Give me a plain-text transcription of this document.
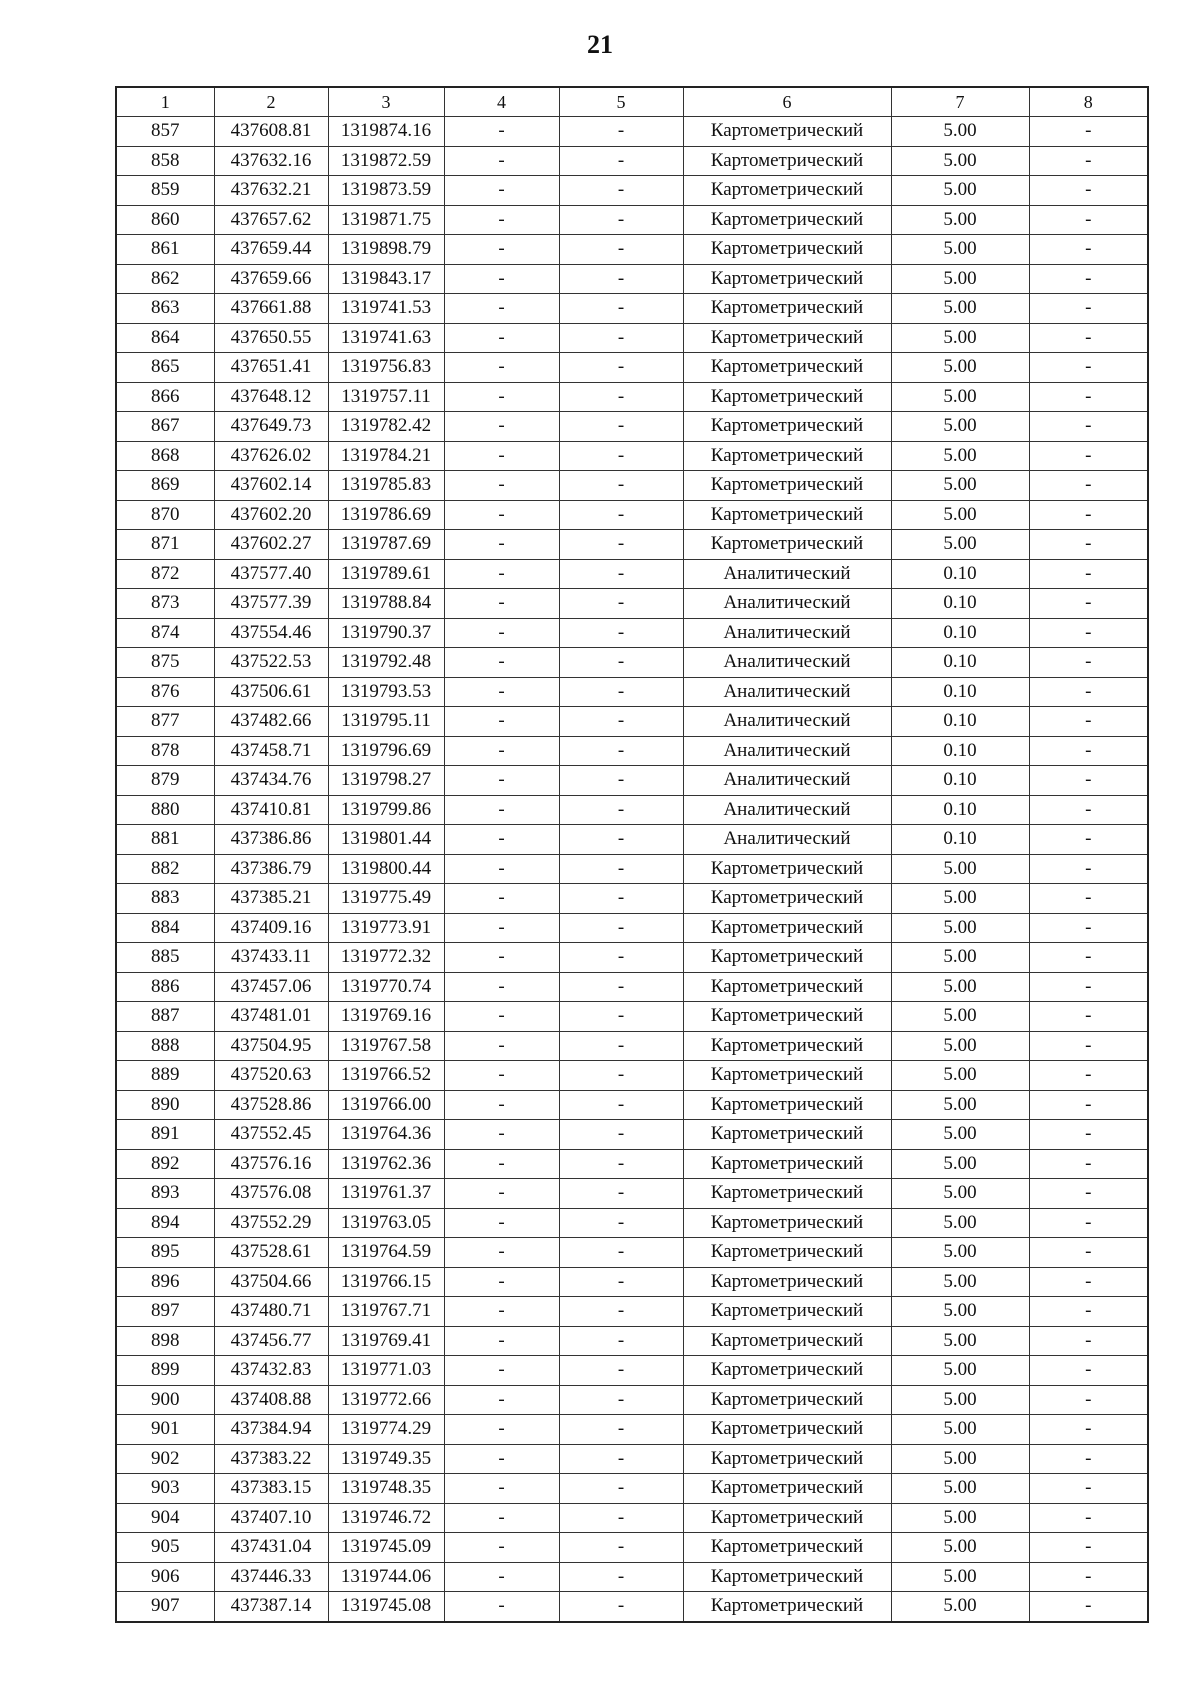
21
1	2	3	4	5	6	7	8
857	437608.81	1319874.16	-	-	Картометрический	5.00	-
858	437632.16	1319872.59	-	-	Картометрический	5.00	-
859	437632.21	1319873.59	-	-	Картометрический	5.00	-
860	437657.62	1319871.75	-	-	Картометрический	5.00	-
861	437659.44	1319898.79	-	-	Картометрический	5.00	-
862	437659.66	1319843.17	-	-	Картометрический	5.00	-
863	437661.88	1319741.53	-	-	Картометрический	5.00	-
864	437650.55	1319741.63	-	-	Картометрический	5.00	-
865	437651.41	1319756.83	-	-	Картометрический	5.00	-
866	437648.12	1319757.11	-	-	Картометрический	5.00	-
867	437649.73	1319782.42	-	-	Картометрический	5.00	-
868	437626.02	1319784.21	-	-	Картометрический	5.00	-
869	437602.14	1319785.83	-	-	Картометрический	5.00	-
870	437602.20	1319786.69	-	-	Картометрический	5.00	-
871	437602.27	1319787.69	-	-	Картометрический	5.00	-
872	437577.40	1319789.61	-	-	Аналитический	0.10	-
873	437577.39	1319788.84	-	-	Аналитический	0.10	-
874	437554.46	1319790.37	-	-	Аналитический	0.10	-
875	437522.53	1319792.48	-	-	Аналитический	0.10	-
876	437506.61	1319793.53	-	-	Аналитический	0.10	-
877	437482.66	1319795.11	-	-	Аналитический	0.10	-
878	437458.71	1319796.69	-	-	Аналитический	0.10	-
879	437434.76	1319798.27	-	-	Аналитический	0.10	-
880	437410.81	1319799.86	-	-	Аналитический	0.10	-
881	437386.86	1319801.44	-	-	Аналитический	0.10	-
882	437386.79	1319800.44	-	-	Картометрический	5.00	-
883	437385.21	1319775.49	-	-	Картометрический	5.00	-
884	437409.16	1319773.91	-	-	Картометрический	5.00	-
885	437433.11	1319772.32	-	-	Картометрический	5.00	-
886	437457.06	1319770.74	-	-	Картометрический	5.00	-
887	437481.01	1319769.16	-	-	Картометрический	5.00	-
888	437504.95	1319767.58	-	-	Картометрический	5.00	-
889	437520.63	1319766.52	-	-	Картометрический	5.00	-
890	437528.86	1319766.00	-	-	Картометрический	5.00	-
891	437552.45	1319764.36	-	-	Картометрический	5.00	-
892	437576.16	1319762.36	-	-	Картометрический	5.00	-
893	437576.08	1319761.37	-	-	Картометрический	5.00	-
894	437552.29	1319763.05	-	-	Картометрический	5.00	-
895	437528.61	1319764.59	-	-	Картометрический	5.00	-
896	437504.66	1319766.15	-	-	Картометрический	5.00	-
897	437480.71	1319767.71	-	-	Картометрический	5.00	-
898	437456.77	1319769.41	-	-	Картометрический	5.00	-
899	437432.83	1319771.03	-	-	Картометрический	5.00	-
900	437408.88	1319772.66	-	-	Картометрический	5.00	-
901	437384.94	1319774.29	-	-	Картометрический	5.00	-
902	437383.22	1319749.35	-	-	Картометрический	5.00	-
903	437383.15	1319748.35	-	-	Картометрический	5.00	-
904	437407.10	1319746.72	-	-	Картометрический	5.00	-
905	437431.04	1319745.09	-	-	Картометрический	5.00	-
906	437446.33	1319744.06	-	-	Картометрический	5.00	-
907	437387.14	1319745.08	-	-	Картометрический	5.00	-
